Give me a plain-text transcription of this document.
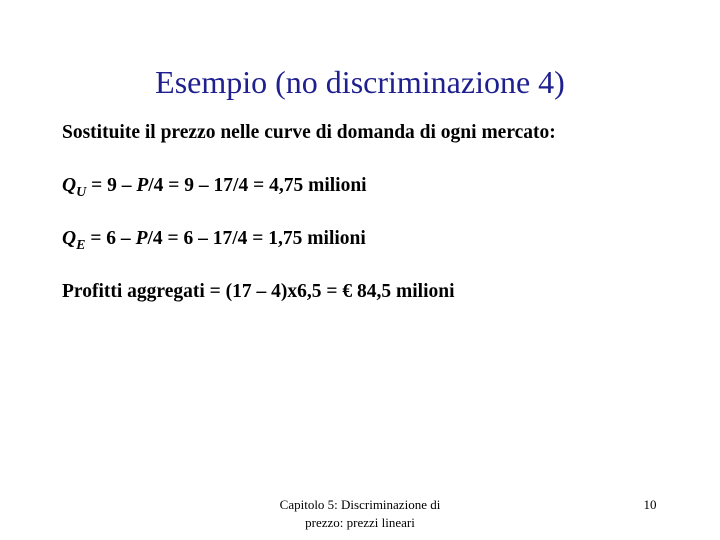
Esempio (no discriminazione 4)
Sostituite il prezzo nelle curve di domanda di ogni mercato:
$Q_U = 9 - P/4 = 9 - 17/4 = 4,75$ milioni
$Q_E = 6 - P/4 = 6 - 17/4 = 1,75$ milioni
Profitti aggregati = (17 – 4)x6,5 = € 84,5 milioni
Capitolo 5: Discriminazione di
prezzo: prezzi lineari
10
